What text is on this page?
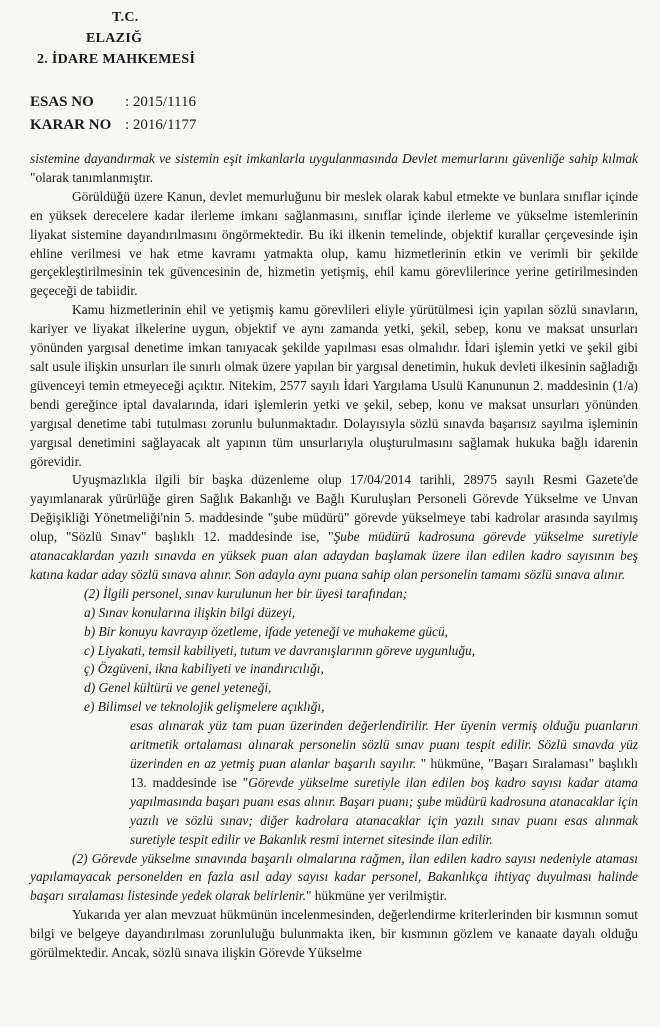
T.C.
ELAZIĞ
2. İDARE MAHKEMESİ
ESAS NO : 2015/1116
KARAR NO : 2016/1177

sistemine dayandırmak ve sistemin eşit imkanlarla uygulanmasında Devlet memurlarını güvenliğe sahip kılmak "olarak tanımlanmıştır.

Görüldüğü üzere Kanun, devlet memurluğunu bir meslek olarak kabul etmekte ve bunlara sınıflar içinde en yüksek derecelere kadar ilerleme imkanı sağlanmasını, sınıflar içinde ilerleme ve yükselme istemlerinin liyakat sistemine dayandırılmasını öngörmektedir. Bu iki ilkenin temelinde, objektif kurallar çerçevesinde işin ehline verilmesi ve hak etme kavramı yatmakta olup, kamu hizmetlerinin etkin ve verimli bir şekilde gerçekleştirilmesinin tek güvencesinin de, hizmetin yetişmiş, ehil kamu görevlilerince yerine getirilmesinden geçeceği de tabiidir.

Kamu hizmetlerinin ehil ve yetişmiş kamu görevlileri eliyle yürütülmesi için yapılan sözlü sınavların, kariyer ve liyakat ilkelerine uygun, objektif ve aynı zamanda yetki, şekil, sebep, konu ve maksat unsurları yönünden yargısal denetime imkan tanıyacak şekilde yapılması esas olmalıdır. İdari işlemin yetki ve şekil gibi salt usule ilişkin unsurları ile sınırlı olmak üzere yapılan bir yargısal denetimin, hukuk devleti ilkesinin sağladığı güvenceyi temin etmeyeceği açıktır. Nitekim, 2577 sayılı İdari Yargılama Usulü Kanununun 2. maddesinin (1/a) bendi gereğince iptal davalarında, idari işlemlerin yetki ve şekil, sebep, konu ve maksat unsurları yönünden yargısal denetime tabi tutulması zorunlu bulunmaktadır. Dolayısıyla sözlü sınavda başarısız sayılma işleminin yargısal denetimini sağlayacak alt yapının tüm unsurlarıyla oluşturulmasını sağlamak hukuka bağlı idarenin görevidir.

Uyuşmazlıkla ilgili bir başka düzenleme olup 17/04/2014 tarihli, 28975 sayılı Resmi Gazete'de yayımlanarak yürürlüğe giren Sağlık Bakanlığı ve Bağlı Kuruluşları Personeli Görevde Yükselme ve Unvan Değişikliği Yönetmeliği'nin 5. maddesinde "şube müdürü" görevde yükselmeye tabi kadrolar arasında sayılmış olup, "Sözlü Sınav" başlıklı 12. maddesinde ise, "Şube müdürü kadrosuna görevde yükselme suretiyle atanacaklardan yazılı sınavda en yüksek puan alan adaydan başlamak üzere ilan edilen kadro sayısının beş katına kadar aday sözlü sınava alınır. Son adayla aynı puana sahip olan personelin tamamı sözlü sınava alınır.

(2) İlgili personel, sınav kurulunun her bir üyesi tarafından;

a) Sınav konularına ilişkin bilgi düzeyi,

b) Bir konuyu kavrayıp özetleme, ifade yeteneği ve muhakeme gücü,

c) Liyakati, temsil kabiliyeti, tutum ve davranışlarının göreve uygunluğu,

ç) Özgüveni, ikna kabiliyeti ve inandırıcılığı,

d) Genel kültürü ve genel yeteneği,

e) Bilimsel ve teknolojik gelişmelere açıklığı,

esas alınarak yüz tam puan üzerinden değerlendirilir. Her üyenin vermiş olduğu puanların aritmetik ortalaması alınarak personelin sözlü sınav puanı tespit edilir. Sözlü sınavda yüz üzerinden en az yetmiş puan alanlar başarılı sayılır. " hükmüne, "Başarı Sıralaması" başlıklı 13. maddesinde ise "Görevde yükselme suretiyle ilan edilen boş kadro sayısı kadar atama yapılmasında başarı puanı esas alınır. Başarı puanı; şube müdürü kadrosuna atanacaklar için yazılı ve sözlü sınav; diğer kadrolara atanacaklar için yazılı sınav puanı esas alınmak suretiyle tespit edilir ve Bakanlık resmi internet sitesinde ilan edilir.

(2) Görevde yükselme sınavında başarılı olmalarına rağmen, ilan edilen kadro sayısı nedeniyle ataması yapılamayacak personelden en fazla asıl aday sayısı kadar personel, Bakanlıkça ihtiyaç duyulması halinde başarı sıralaması listesinde yedek olarak belirlenir." hükmüne yer verilmiştir.

Yukarıda yer alan mevzuat hükmünün incelenmesinden, değerlendirme kriterlerinden bir kısmının somut bilgi ve belgeye dayandırılması zorunluluğu bulunmakta iken, bir kısmının gözlem ve kanaate dayalı olduğu görülmektedir. Ancak, sözlü sınava ilişkin Görevde Yükselme
